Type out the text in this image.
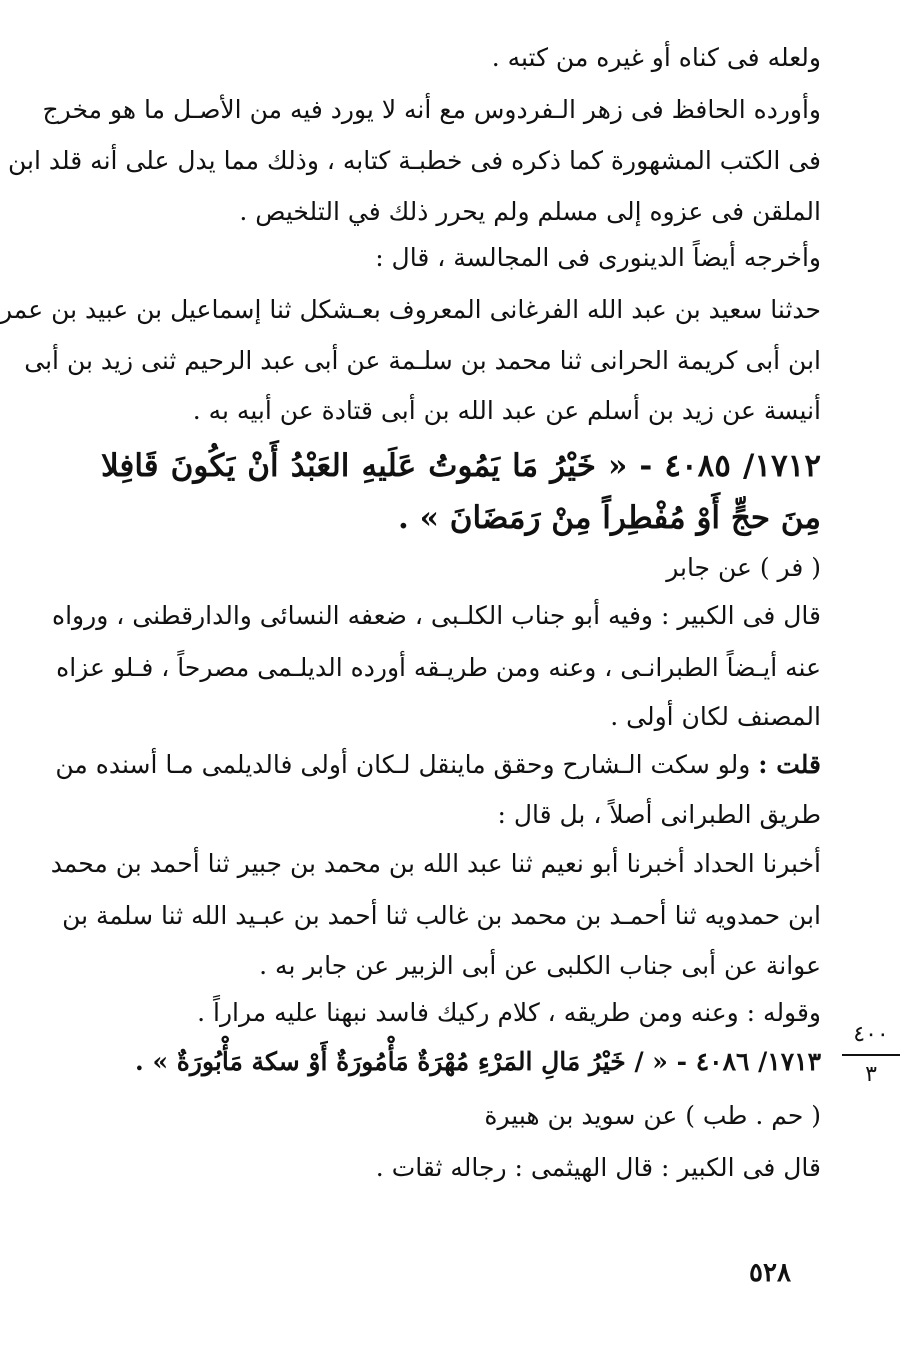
ولعله فى كناه أو غيره من كتبه .
وأورده الحافظ فى زهر الـفردوس مع أنه لا يورد فيه من الأصـل ما هو مخرج
فى الكتب المشهورة كما ذكره فى خطبـة كتابه ، وذلك مما يدل على أنه قلد ابن
الملقن فى عزوه إلى مسلم ولم يحرر ذلك في التلخيص .
وأخرجه أيضاً الدينورى فى المجالسة ، قال :
حدثنا سعيد بن عبد الله الفرغانى المعروف بعـشكل ثنا إسماعيل بن عبيد بن عمر
ابن أبى كريمة الحرانى ثنا محمد بن سلـمة عن أبى عبد الرحيم ثنى زيد بن أبى
أنيسة عن زيد بن أسلم عن عبد الله بن أبى قتادة عن أبيه به .
١٧١٢/ ٤٠٨٥ - « خَيْرُ مَا يَمُوتُ عَلَيهِ العَبْدُ أَنْ يَكُونَ قَافِلا
مِنَ حجٍّ أَوْ مُفْطِراً مِنْ رَمَضَانَ » .
( فر ) عن جابر
قال فى الكبير : وفيه أبو جناب الكلـبى ، ضعفه النسائى والدارقطنى ، ورواه
عنه أيـضاً الطبرانـى ، وعنه ومن طريـقه أورده الديلـمى مصرحاً ، فـلو عزاه
المصنف لكان أولى .
قلت : ولو سكت الـشارح وحقق ماينقل لـكان أولى فالديلمى مـا أسنده من
طريق الطبرانى أصلاً ، بل قال :
أخبرنا الحداد أخبرنا أبو نعيم ثنا عبد الله بن محمد بن جبير ثنا أحمد بن محمد
ابن حمدويه ثنا أحمـد بن محمد بن غالب ثنا أحمد بن عبـيد الله ثنا سلمة بن
عوانة عن أبى جناب الكلبى عن أبى الزبير عن جابر به .
وقوله : وعنه ومن طريقه ، كلام ركيك فاسد نبهنا عليه مراراً .
١٧١٣/ ٤٠٨٦ - « / خَيْرُ مَالِ المَرْءِ مُهْرَةٌ مَأْمُورَةٌ أَوْ سكة مَأْبُورَةٌ » .
( حم . طب ) عن سويد بن هبيرة
قال فى الكبير : قال الهيثمى : رجاله ثقات .
٤٠٠
٣
٥٢٨
